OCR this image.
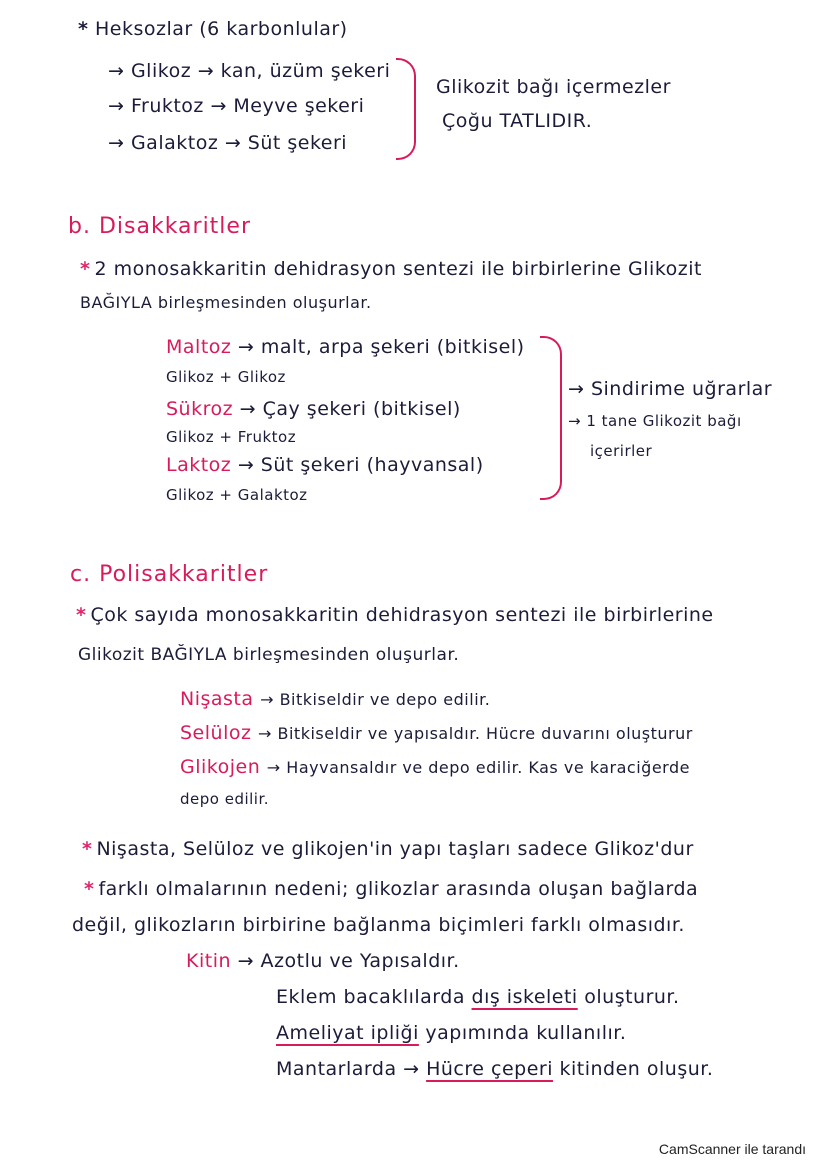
* Heksozlar (6 karbonlular)
→ Glikoz → kan, üzüm şekeri
→ Fruktoz → Meyve şekeri
→ Galaktoz → Süt şekeri
Glikozit bağı içermezler
Çoğu TATLIDIR.
b. Disakkaritler
* 2 monosakkaritin dehidrasyon sentezi ile birbirlerine Glikozit
BAĞIYLA birleşmesinden oluşurlar.
Maltoz → malt, arpa şekeri (bitkisel)
Glikoz + Glikoz
Sükroz → Çay şekeri (bitkisel)
Glikoz + Fruktoz
Laktoz → Süt şekeri (hayvansal)
Glikoz + Galaktoz
→ Sindirime uğrarlar
→ 1 tane Glikozit bağı
içerirler
c. Polisakkaritler
* Çok sayıda monosakkaritin dehidrasyon sentezi ile birbirlerine
Glikozit BAĞIYLA birleşmesinden oluşurlar.
Nişasta → Bitkiseldir ve depo edilir.
Selüloz → Bitkiseldir ve yapısaldır. Hücre duvarını oluşturur
Glikojen → Hayvansaldır ve depo edilir. Kas ve karaciğerde
depo edilir.
* Nişasta, Selüloz ve glikojen'in yapı taşları sadece Glikoz'dur
* farklı olmalarının nedeni; glikozlar arasında oluşan bağlarda
değil, glikozların birbirine bağlanma biçimleri farklı olmasıdır.
Kitin → Azotlu ve Yapısaldır.
Eklem bacaklılarda dış iskeleti oluşturur.
Ameliyat ipliği yapımında kullanılır.
Mantarlarda → Hücre çeperi kitinden oluşur.
CamScanner ile tarandı
